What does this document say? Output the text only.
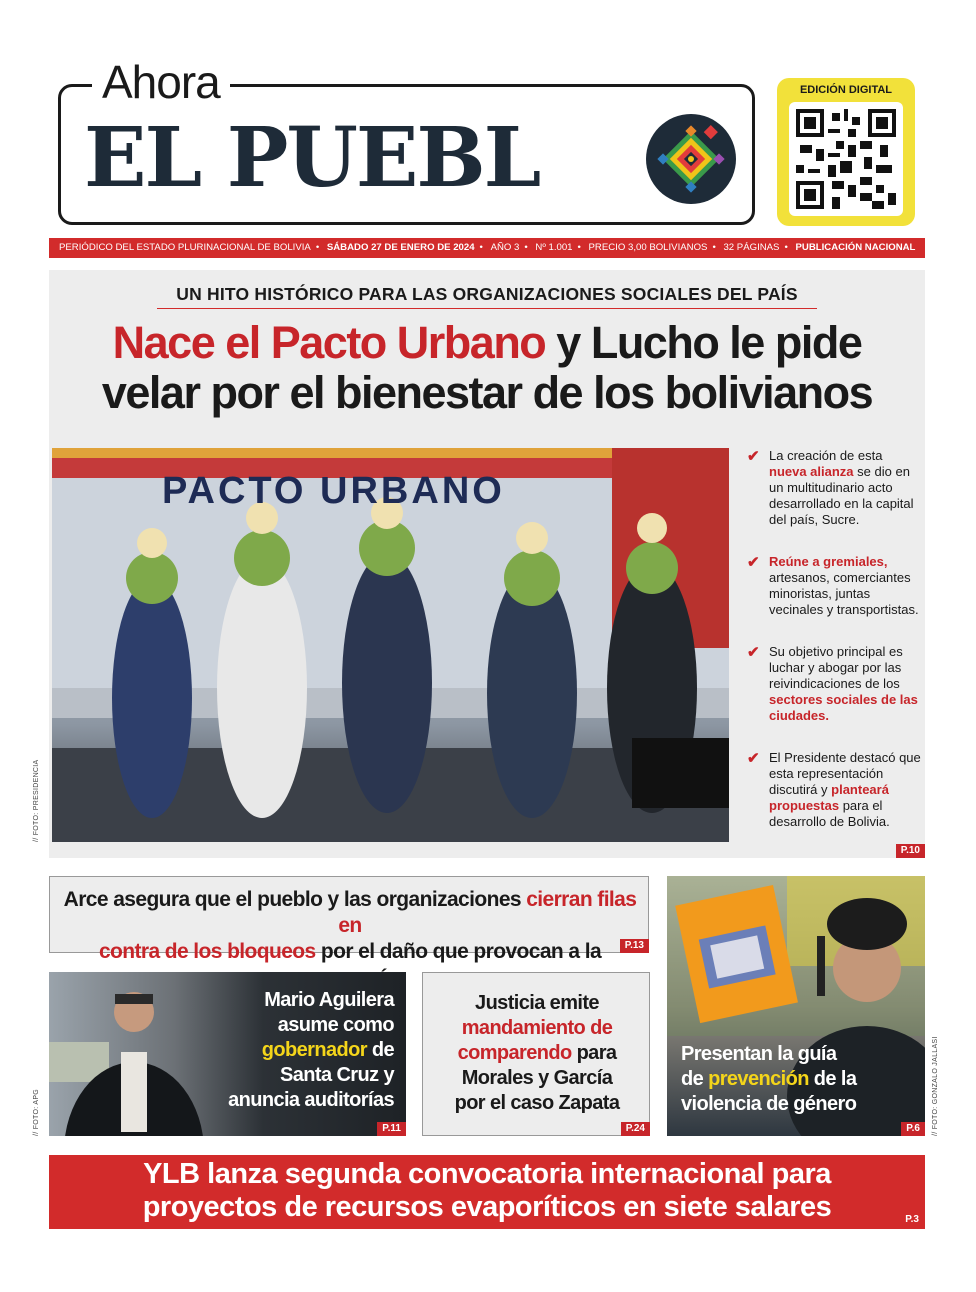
Ahora
EL PUEBL
EDICIÓN DIGITAL
PERIÓDICO DEL ESTADO PLURINACIONAL DE BOLIVIA • SÁBADO 27 DE ENERO DE 2024 • AÑO 3 • Nº 1.001 • PRECIO 3,00 BOLIVIANOS • 32 PÁGINAS • PUBLICACIÓN NACIONAL
UN HITO HISTÓRICO PARA LAS ORGANIZACIONES SOCIALES DEL PAÍS
Nace el Pacto Urbano y Lucho le pide
velar por el bienestar de los bolivianos
PACTO URBANO
// FOTO: PRESIDENCIA
✔ La creación de esta nueva alianza se dio en un multitudinario acto desarrollado en la capital del país, Sucre.
✔ Reúne a gremiales, artesanos, comerciantes minoristas, juntas vecinales y transportistas.
✔ Su objetivo principal es luchar y abogar por las reivindicaciones de los sectores sociales de las ciudades.
✔ El Presidente destacó que esta representación discutirá y planteará propuestas para el desarrollo de Bolivia.
P.10
Arce asegura que el pueblo y las organizaciones cierran filas en
contra de los bloqueos por el daño que provocan a la	P.13
Mario Aguilera
asume como
gobernador de
Santa Cruz y
anuncia auditorías
P.11
// FOTO: APG
Justicia emite
mandamiento de
comparendo para
Morales y García
por el caso Zapata
P.24
Presentan la guía
de prevención de la
violencia de género
P.6	// FOTO: GONZALO JALLASI
YLB lanza segunda convocatoria internacional para
proyectos de recursos evaporíticos en siete salares	P.3
